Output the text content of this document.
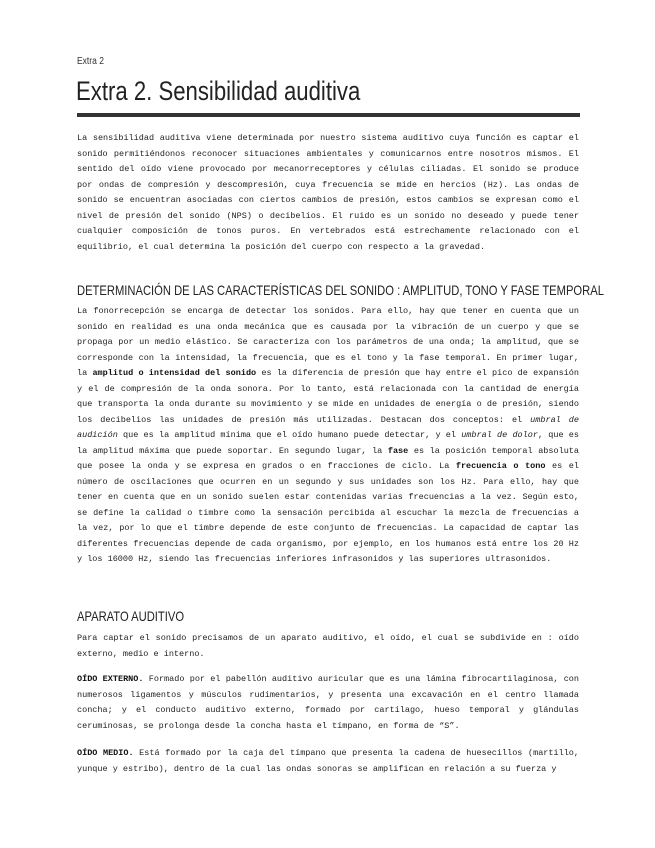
Extra 2
Extra 2. Sensibilidad auditiva

La sensibilidad auditiva viene determinada por nuestro sistema auditivo cuya función es captar el sonido permitiéndonos reconocer situaciones ambientales y comunicarnos entre nosotros mismos. El sentido del oído viene provocado por mecanorreceptores y células ciliadas. El sonido se produce por ondas de compresión y descompresión, cuya frecuencia se mide en hercios (Hz). Las ondas de sonido se encuentran asociadas con ciertos cambios de presión, estos cambios se expresan como el nivel de presión del sonido (NPS) o decibelios. El ruido es un sonido no deseado y puede tener cualquier composición de tonos puros. En vertebrados está estrechamente relacionado con el equilibrio, el cual determina la posición del cuerpo con respecto a la gravedad.

DETERMINACIÓN DE LAS CARACTERÍSTICAS DEL SONIDO : AMPLITUD, TONO Y FASE TEMPORAL

La fonorrecepción se encarga de detectar los sonidos. Para ello, hay que tener en cuenta que un sonido en realidad es una onda mecánica que es causada por la vibración de un cuerpo y que se propaga por un medio elástico. Se caracteriza con los parámetros de una onda; la amplitud, que se corresponde con la intensidad, la frecuencia, que es el tono y la fase temporal. En primer lugar, la amplitud o intensidad del sonido es la diferencia de presión que hay entre el pico de expansión y el de compresión de la onda sonora. Por lo tanto, está relacionada con la cantidad de energía que transporta la onda durante su movimiento y se mide en unidades de energía o de presión, siendo los decibelios las unidades de presión más utilizadas. Destacan dos conceptos: el umbral de audición que es la amplitud mínima que el oído humano puede detectar, y el umbral de dolor, que es la amplitud máxima que puede soportar. En segundo lugar, la fase es la posición temporal absoluta que posee la onda y se expresa en grados o en fracciones de ciclo. La frecuencia o tono es el número de oscilaciones que ocurren en un segundo y sus unidades son los Hz. Para ello, hay que tener en cuenta que en un sonido suelen estar contenidas varias frecuencias a la vez. Según esto, se define la calidad o timbre como la sensación percibida al escuchar la mezcla de frecuencias a la vez, por lo que el timbre depende de este conjunto de frecuencias. La capacidad de captar las diferentes frecuencias depende de cada organismo, por ejemplo, en los humanos está entre los 20 Hz y los 16000 Hz, siendo las frecuencias inferiores infrasonidos y las superiores ultrasonidos.

APARATO AUDITIVO

Para captar el sonido precisamos de un aparato auditivo, el oído, el cual se subdivide en : oído externo, medio e interno.

OÍDO EXTERNO. Formado por el pabellón auditivo auricular que es una lámina fibrocartilaginosa, con numerosos ligamentos y músculos rudimentarios, y presenta una excavación en el centro llamada concha; y el conducto auditivo externo, formado por cartílago, hueso temporal y glándulas ceruminosas, se prolonga desde la concha hasta el tímpano, en forma de “S”.

OÍDO MEDIO. Está formado por la caja del tímpano que presenta la cadena de huesecillos (martillo, yunque y estribo), dentro de la cual las ondas sonoras se amplifican en relación a su fuerza y
